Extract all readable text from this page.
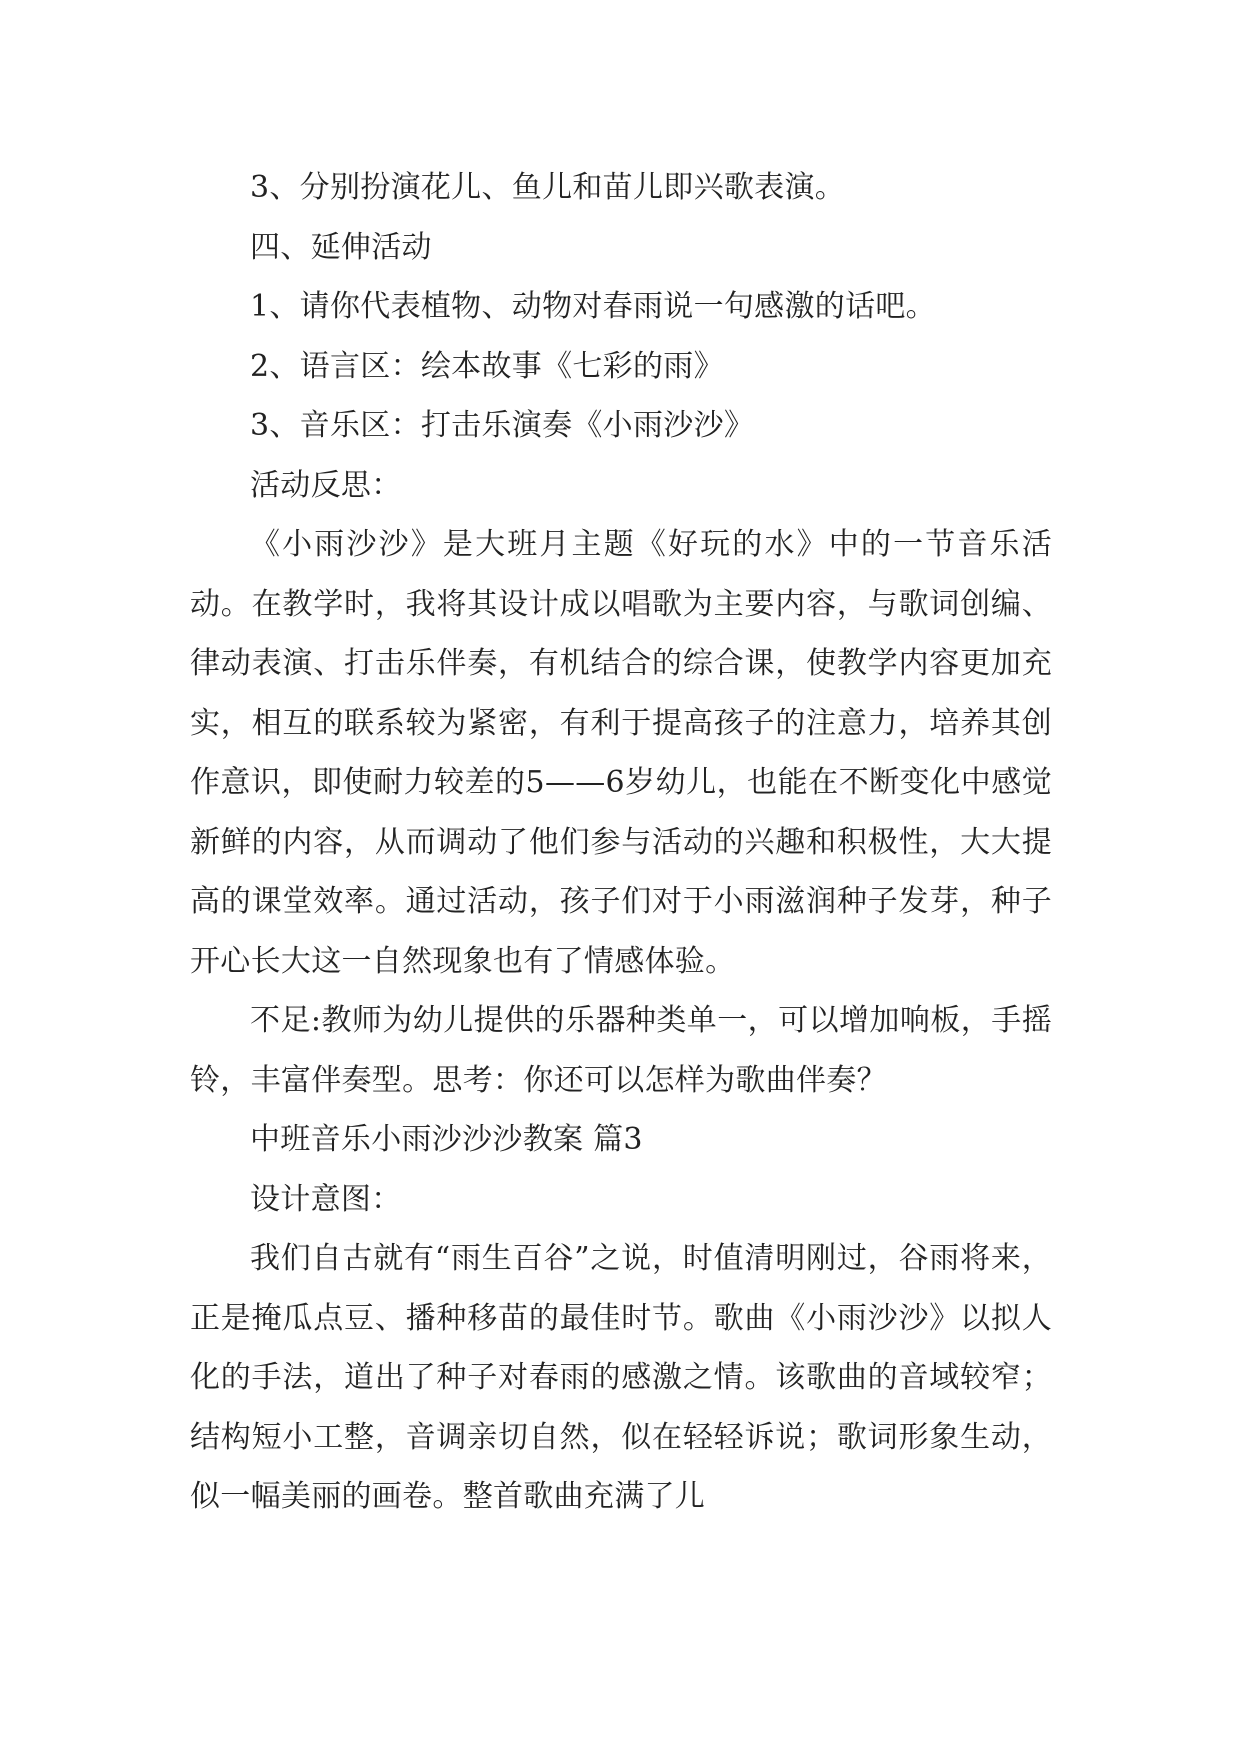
3、分别扮演花儿、鱼儿和苗儿即兴歌表演。

四、延伸活动

1、请你代表植物、动物对春雨说一句感激的话吧。

2、语言区：绘本故事《七彩的雨》

3、音乐区：打击乐演奏《小雨沙沙》

活动反思：

《小雨沙沙》是大班月主题《好玩的水》中的一节音乐活动。在教学时，我将其设计成以唱歌为主要内容，与歌词创编、律动表演、打击乐伴奏，有机结合的综合课，使教学内容更加充实，相互的联系较为紧密，有利于提高孩子的注意力，培养其创作意识，即使耐力较差的5——6岁幼儿，也能在不断变化中感觉新鲜的内容，从而调动了他们参与活动的兴趣和积极性，大大提高的课堂效率。通过活动，孩子们对于小雨滋润种子发芽，种子开心长大这一自然现象也有了情感体验。

不足:教师为幼儿提供的乐器种类单一，可以增加响板，手摇铃，丰富伴奏型。思考：你还可以怎样为歌曲伴奏？

中班音乐小雨沙沙沙教案 篇3

设计意图：

我们自古就有“雨生百谷”之说，时值清明刚过，谷雨将来，正是掩瓜点豆、播种移苗的最佳时节。歌曲《小雨沙沙》以拟人化的手法，道出了种子对春雨的感激之情。该歌曲的音域较窄；结构短小工整，音调亲切自然，似在轻轻诉说；歌词形象生动，似一幅美丽的画卷。整首歌曲充满了儿
